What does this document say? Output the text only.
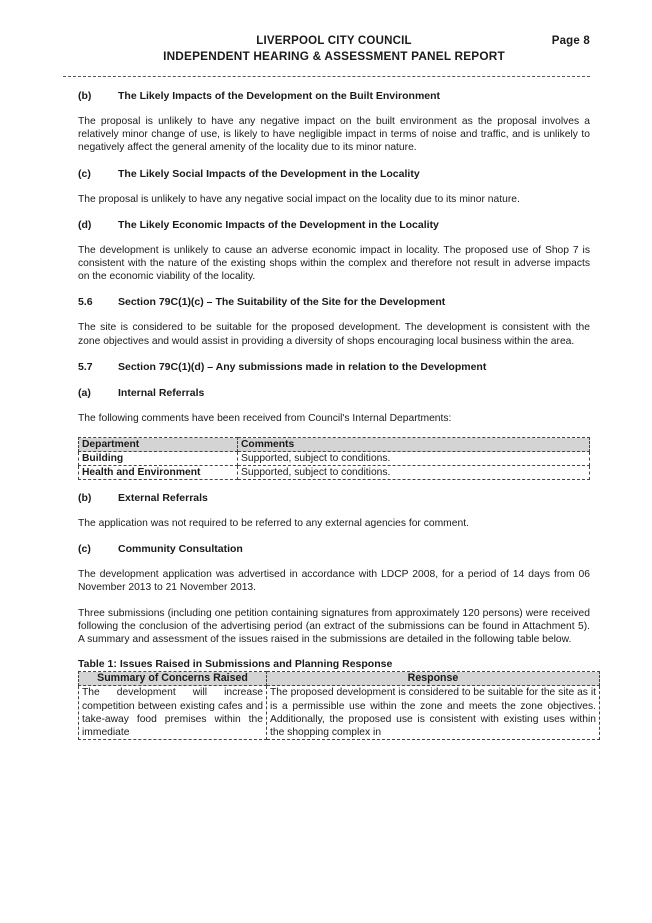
LIVERPOOL CITY COUNCIL
INDEPENDENT HEARING & ASSESSMENT PANEL REPORT
Page 8

(b)	The Likely Impacts of the Development on the Built Environment

The proposal is unlikely to have any negative impact on the built environment as the proposal involves a relatively minor change of use, is likely to have negligible impact in terms of noise and traffic, and is unlikely to negatively affect the general amenity of the locality due to its minor nature.

(c)	The Likely Social Impacts of the Development in the Locality

The proposal is unlikely to have any negative social impact on the locality due to its minor nature.

(d)	The Likely Economic Impacts of the Development in the Locality

The development is unlikely to cause an adverse economic impact in locality. The proposed use of Shop 7 is consistent with the nature of the existing shops within the complex and therefore not result in adverse impacts on the economic viability of the locality.

5.6	Section 79C(1)(c) – The Suitability of the Site for the Development

The site is considered to be suitable for the proposed development. The development is consistent with the zone objectives and would assist in providing a diversity of shops encouraging local business within the area.

5.7	Section 79C(1)(d) – Any submissions made in relation to the Development

(a)	Internal Referrals

The following comments have been received from Council's Internal Departments:

Department	Comments
Building	Supported, subject to conditions.
Health and Environment	Supported, subject to conditions.

(b)	External Referrals

The application was not required to be referred to any external agencies for comment.

(c)	Community Consultation

The development application was advertised in accordance with LDCP 2008, for a period of 14 days from 06 November 2013 to 21 November 2013.

Three submissions (including one petition containing signatures from approximately 120 persons) were received following the conclusion of the advertising period (an extract of the submissions can be found in Attachment 5). A summary and assessment of the issues raised in the submissions are detailed in the following table below.

Table 1: Issues Raised in Submissions and Planning Response

Summary of Concerns Raised	Response
The development will increase competition between existing cafes and take-away food premises within the immediate	The proposed development is considered to be suitable for the site as it is a permissible use within the zone and meets the zone objectives. Additionally, the proposed use is consistent with existing uses within the shopping complex in
